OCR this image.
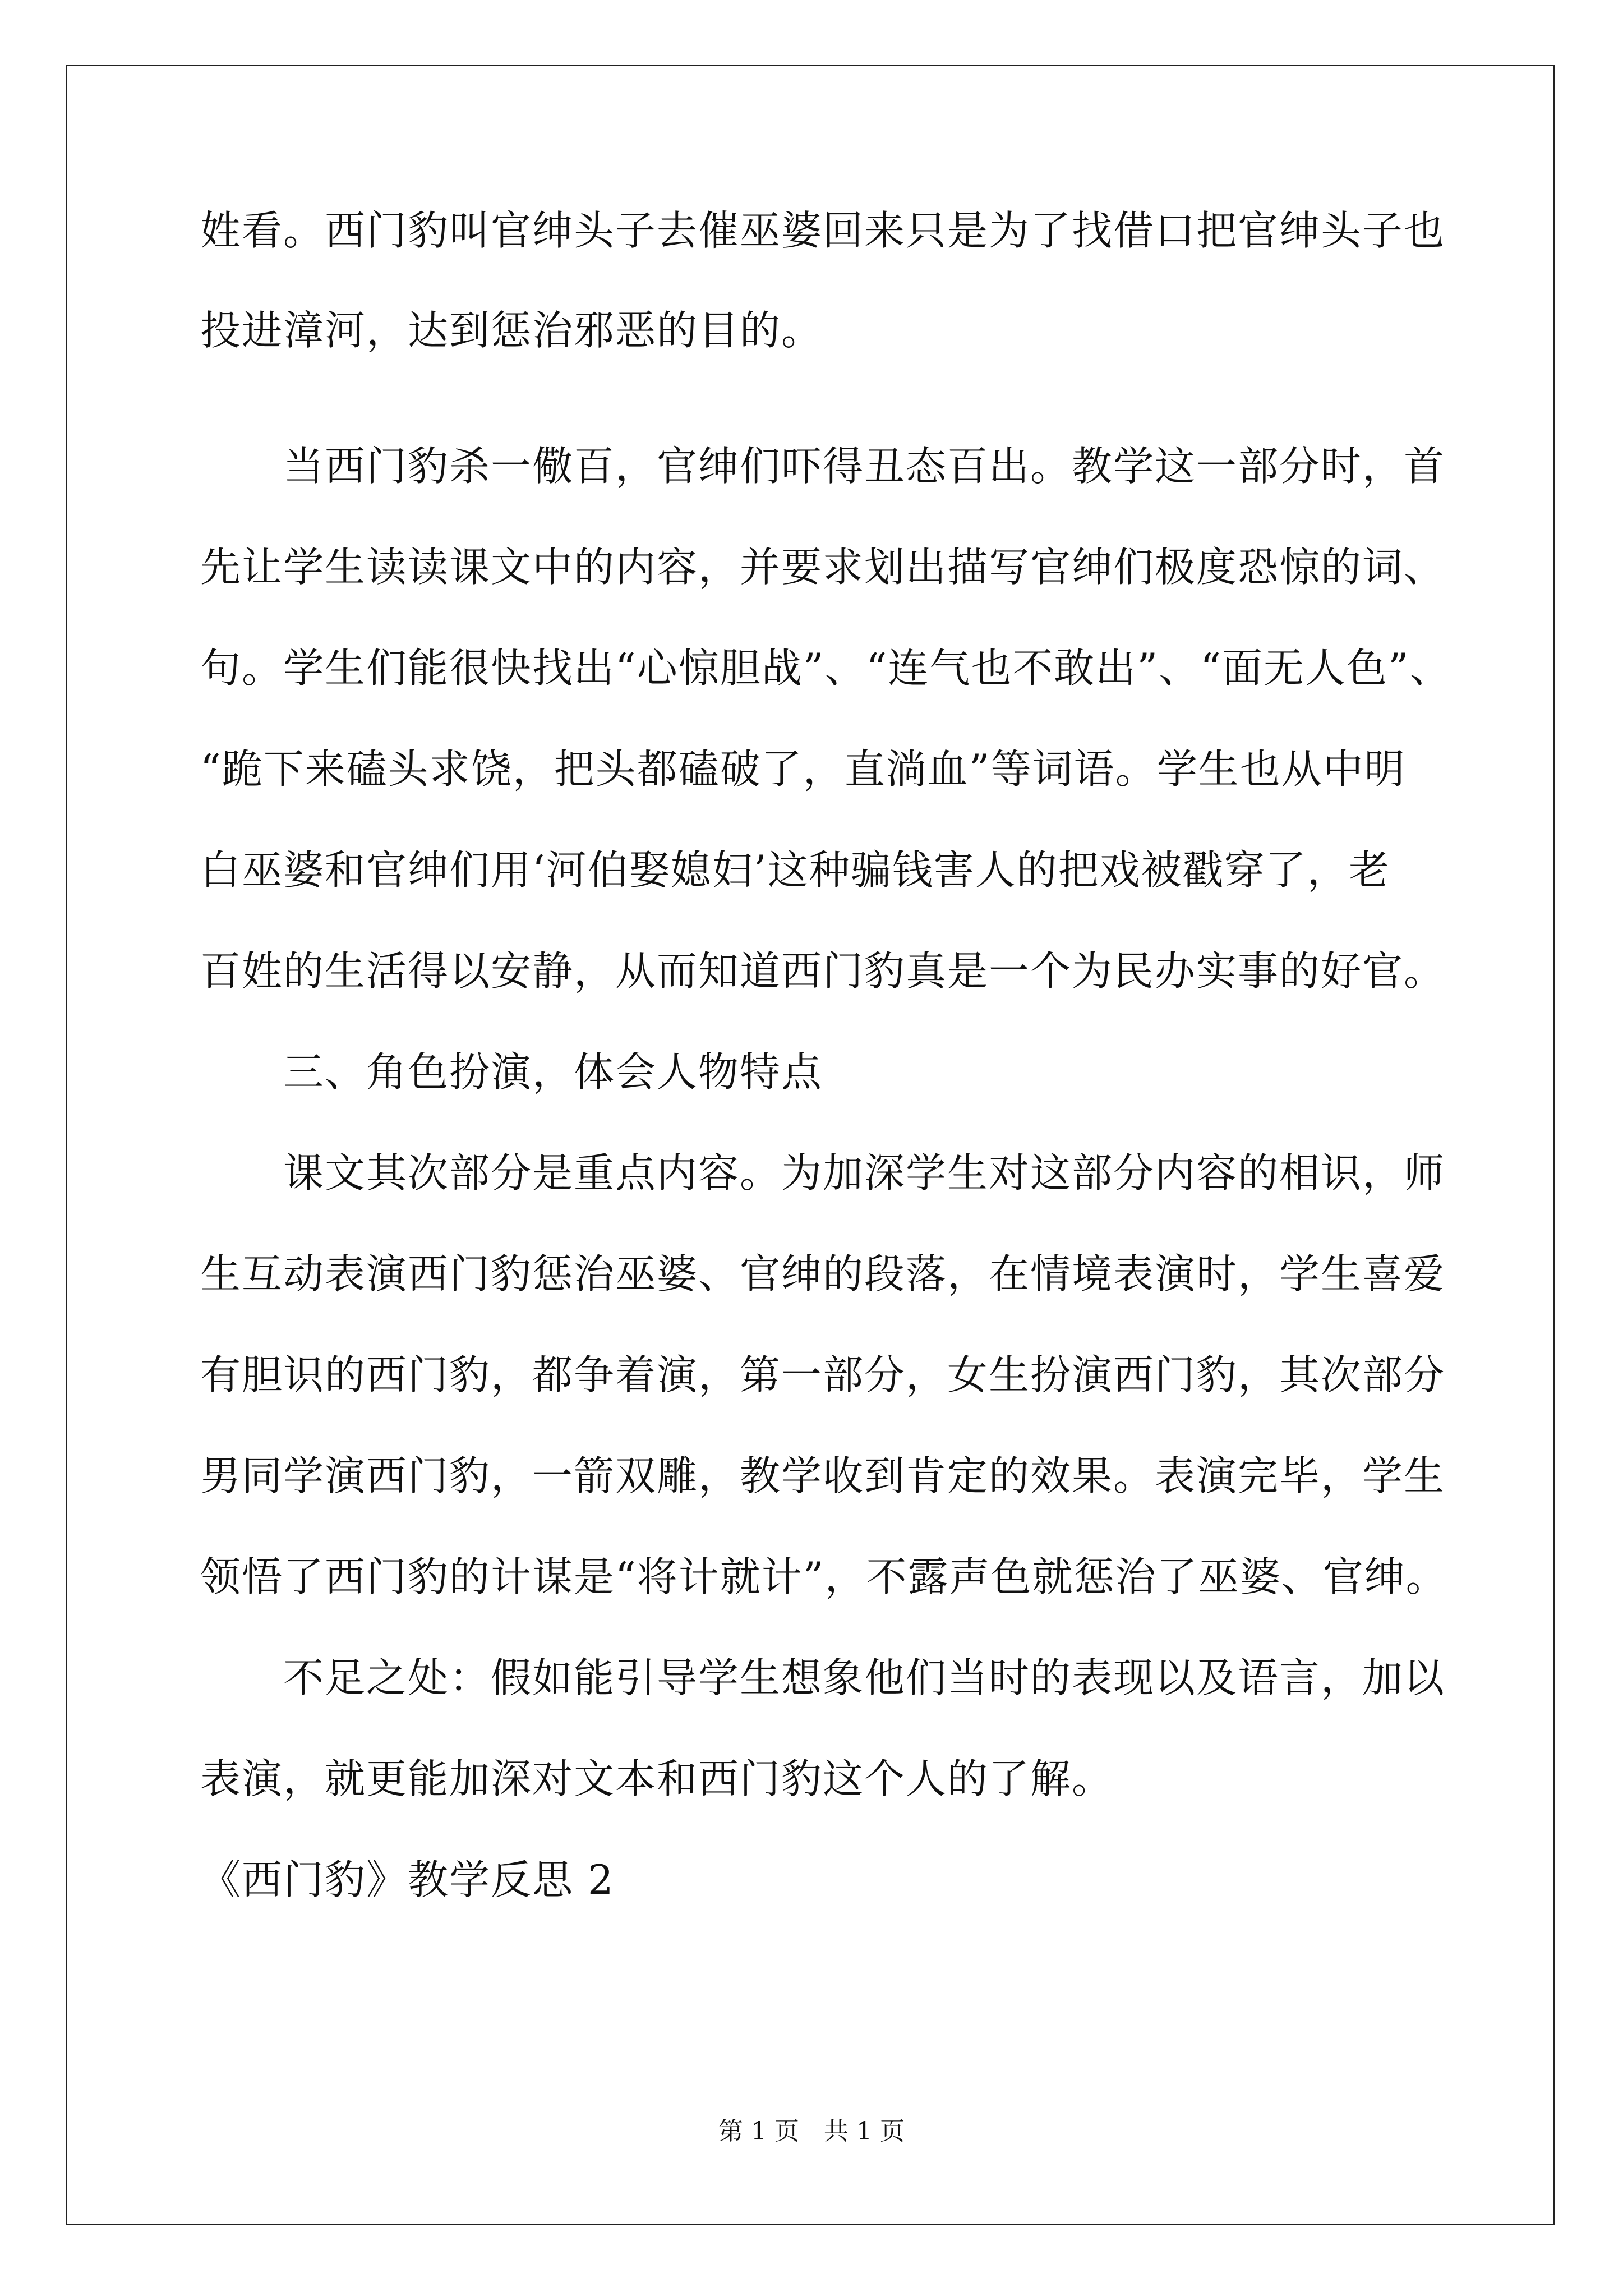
姓看。西门豹叫官绅头子去催巫婆回来只是为了找借口把官绅头子也
投进漳河，达到惩治邪恶的目的。
　　当西门豹杀一儆百，官绅们吓得丑态百出。教学这一部分时，首
先让学生读读课文中的内容，并要求划出描写官绅们极度恐惊的词、
句。学生们能很快找出“心惊胆战”、“连气也不敢出”、“面无人色”、
“跪下来磕头求饶，把头都磕破了，直淌血”等词语。学生也从中明
白巫婆和官绅们用‘河伯娶媳妇’这种骗钱害人的把戏被戳穿了，老
百姓的生活得以安静，从而知道西门豹真是一个为民办实事的好官。
　　三、角色扮演，体会人物特点
　　课文其次部分是重点内容。为加深学生对这部分内容的相识，师
生互动表演西门豹惩治巫婆、官绅的段落，在情境表演时，学生喜爱
有胆识的西门豹，都争着演，第一部分，女生扮演西门豹，其次部分
男同学演西门豹，一箭双雕，教学收到肯定的效果。表演完毕，学生
领悟了西门豹的计谋是“将计就计”，不露声色就惩治了巫婆、官绅。
　　不足之处：假如能引导学生想象他们当时的表现以及语言，加以
表演，就更能加深对文本和西门豹这个人的了解。
《西门豹》教学反思 2
第 1 页　共 1 页
